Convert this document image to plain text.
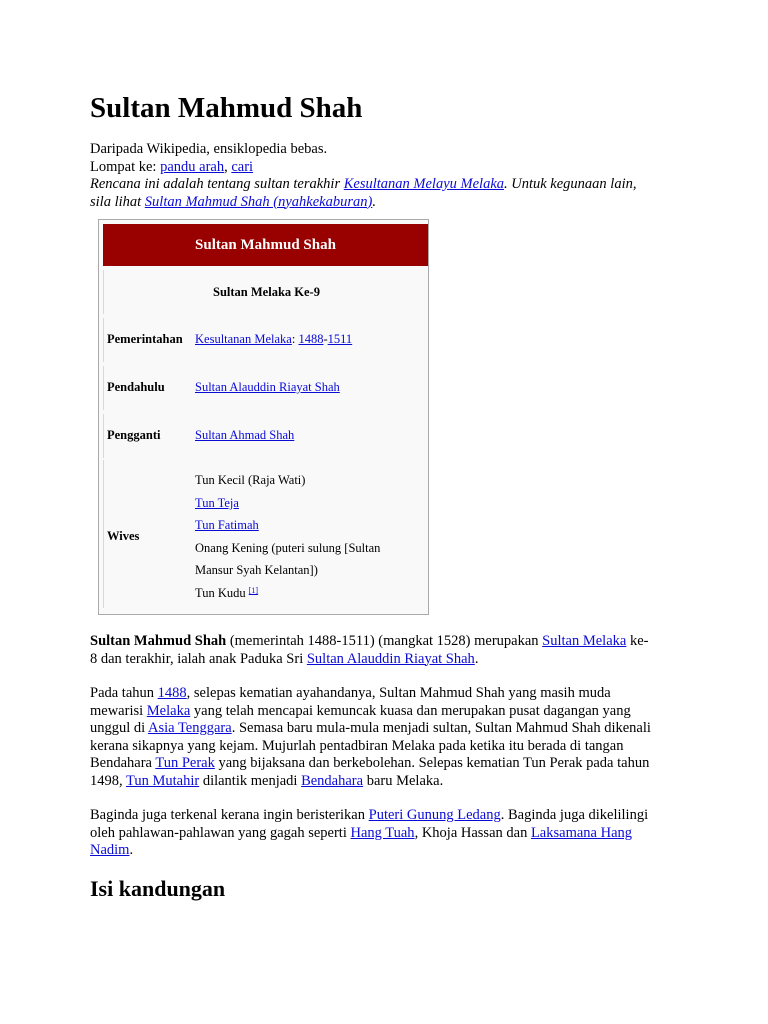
Sultan Mahmud Shah
Daripada Wikipedia, ensiklopedia bebas.
Lompat ke: pandu arah, cari
Rencana ini adalah tentang sultan terakhir Kesultanan Melayu Melaka. Untuk kegunaan lain,
sila lihat Sultan Mahmud Shah (nyahkekaburan).
Sultan Mahmud Shah
Sultan Melaka Ke-9
Pemerintahan Kesultanan Melaka: 1488-1511
Pendahulu Sultan Alauddin Riayat Shah
Pengganti	Sultan Ahmad Shah
Wives
Tun Kecil (Raja Wati)
Tun Teja
Tun Fatimah
Onang Kening (puteri sulung [Sultan
Mansur Syah Kelantan])
Tun Kudu [1]
Sultan Mahmud Shah (memerintah 1488-1511) (mangkat 1528) merupakan Sultan Melaka ke-
8 dan terakhir, ialah anak Paduka Sri Sultan Alauddin Riayat Shah.
Pada tahun 1488, selepas kematian ayahandanya, Sultan Mahmud Shah yang masih muda
mewarisi Melaka yang telah mencapai kemuncak kuasa dan merupakan pusat dagangan yang
unggul di Asia Tenggara. Semasa baru mula-mula menjadi sultan, Sultan Mahmud Shah dikenali
kerana sikapnya yang kejam. Mujurlah pentadbiran Melaka pada ketika itu berada di tangan
Bendahara Tun Perak yang bijaksana dan berkebolehan. Selepas kematian Tun Perak pada tahun
1498, Tun Mutahir dilantik menjadi Bendahara baru Melaka.
Baginda juga terkenal kerana ingin beristerikan Puteri Gunung Ledang. Baginda juga dikelilingi
oleh pahlawan-pahlawan yang gagah seperti Hang Tuah, Khoja Hassan dan Laksamana Hang
Nadim.
Isi kandungan
